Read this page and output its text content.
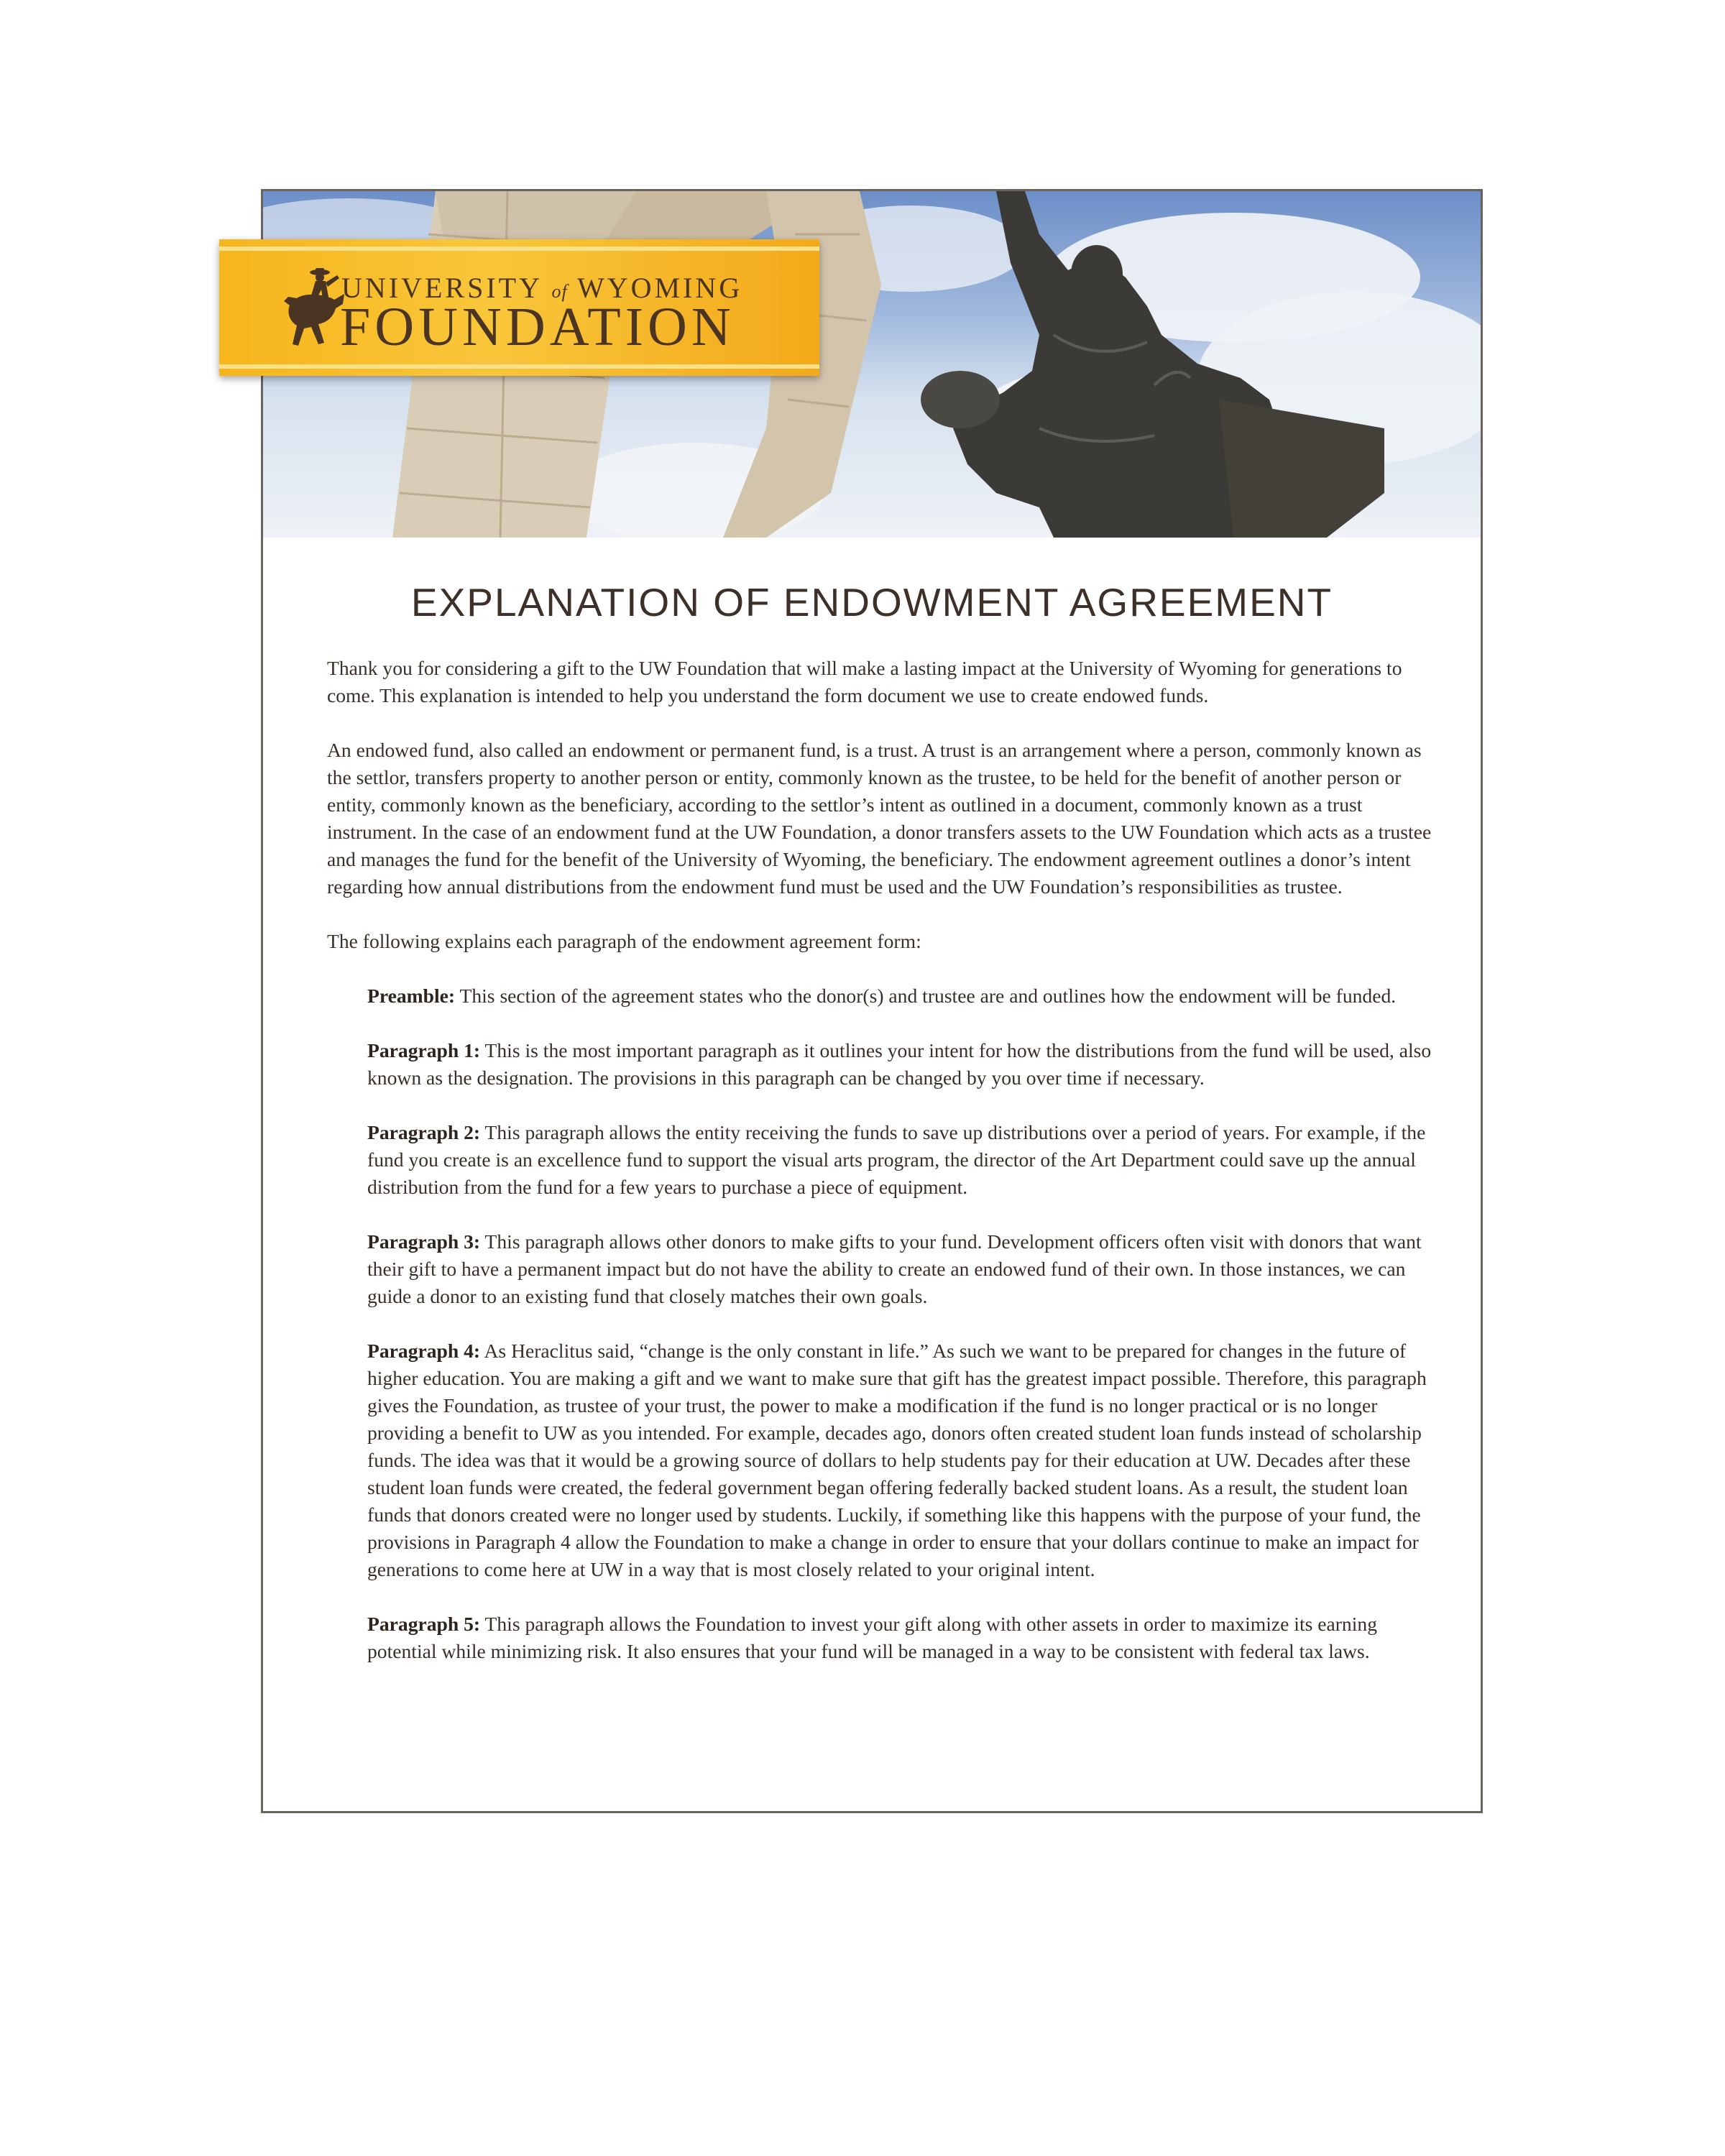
EXPLANATION OF ENDOWMENT AGREEMENT

Thank you for considering a gift to the UW Foundation that will make a lasting impact at the University of Wyoming for generations to come. This explanation is intended to help you understand the form document we use to create endowed funds.

An endowed fund, also called an endowment or permanent fund, is a trust. A trust is an arrangement where a person, commonly known as the settlor, transfers property to another person or entity, commonly known as the trustee, to be held for the benefit of another person or entity, commonly known as the beneficiary, according to the settlor’s intent as outlined in a document, commonly known as a trust instrument. In the case of an endowment fund at the UW Foundation, a donor transfers assets to the UW Foundation which acts as a trustee and manages the fund for the benefit of the University of Wyoming, the beneficiary. The endowment agreement outlines a donor’s intent regarding how annual distributions from the endowment fund must be used and the UW Foundation’s responsibilities as trustee.

The following explains each paragraph of the endowment agreement form:

Preamble: This section of the agreement states who the donor(s) and trustee are and outlines how the endowment will be funded.

Paragraph 1: This is the most important paragraph as it outlines your intent for how the distributions from the fund will be used, also known as the designation. The provisions in this paragraph can be changed by you over time if necessary.

Paragraph 2: This paragraph allows the entity receiving the funds to save up distributions over a period of years. For example, if the fund you create is an excellence fund to support the visual arts program, the director of the Art Department could save up the annual distribution from the fund for a few years to purchase a piece of equipment.

Paragraph 3: This paragraph allows other donors to make gifts to your fund. Development officers often visit with donors that want their gift to have a permanent impact but do not have the ability to create an endowed fund of their own. In those instances, we can guide a donor to an existing fund that closely matches their own goals.

Paragraph 4: As Heraclitus said, “change is the only constant in life.” As such we want to be prepared for changes in the future of higher education. You are making a gift and we want to make sure that gift has the greatest impact possible. Therefore, this paragraph gives the Foundation, as trustee of your trust, the power to make a modification if the fund is no longer practical or is no longer providing a benefit to UW as you intended. For example, decades ago, donors often created student loan funds instead of scholarship funds. The idea was that it would be a growing source of dollars to help students pay for their education at UW. Decades after these student loan funds were created, the federal government began offering federally backed student loans. As a result, the student loan funds that donors created were no longer used by students. Luckily, if something like this happens with the purpose of your fund, the provisions in Paragraph 4 allow the Foundation to make a change in order to ensure that your dollars continue to make an impact for generations to come here at UW in a way that is most closely related to your original intent.

Paragraph 5: This paragraph allows the Foundation to invest your gift along with other assets in order to maximize its earning potential while minimizing risk. It also ensures that your fund will be managed in a way to be consistent with federal tax laws.

UNIVERSITY of WYOMING
FOUNDATION
